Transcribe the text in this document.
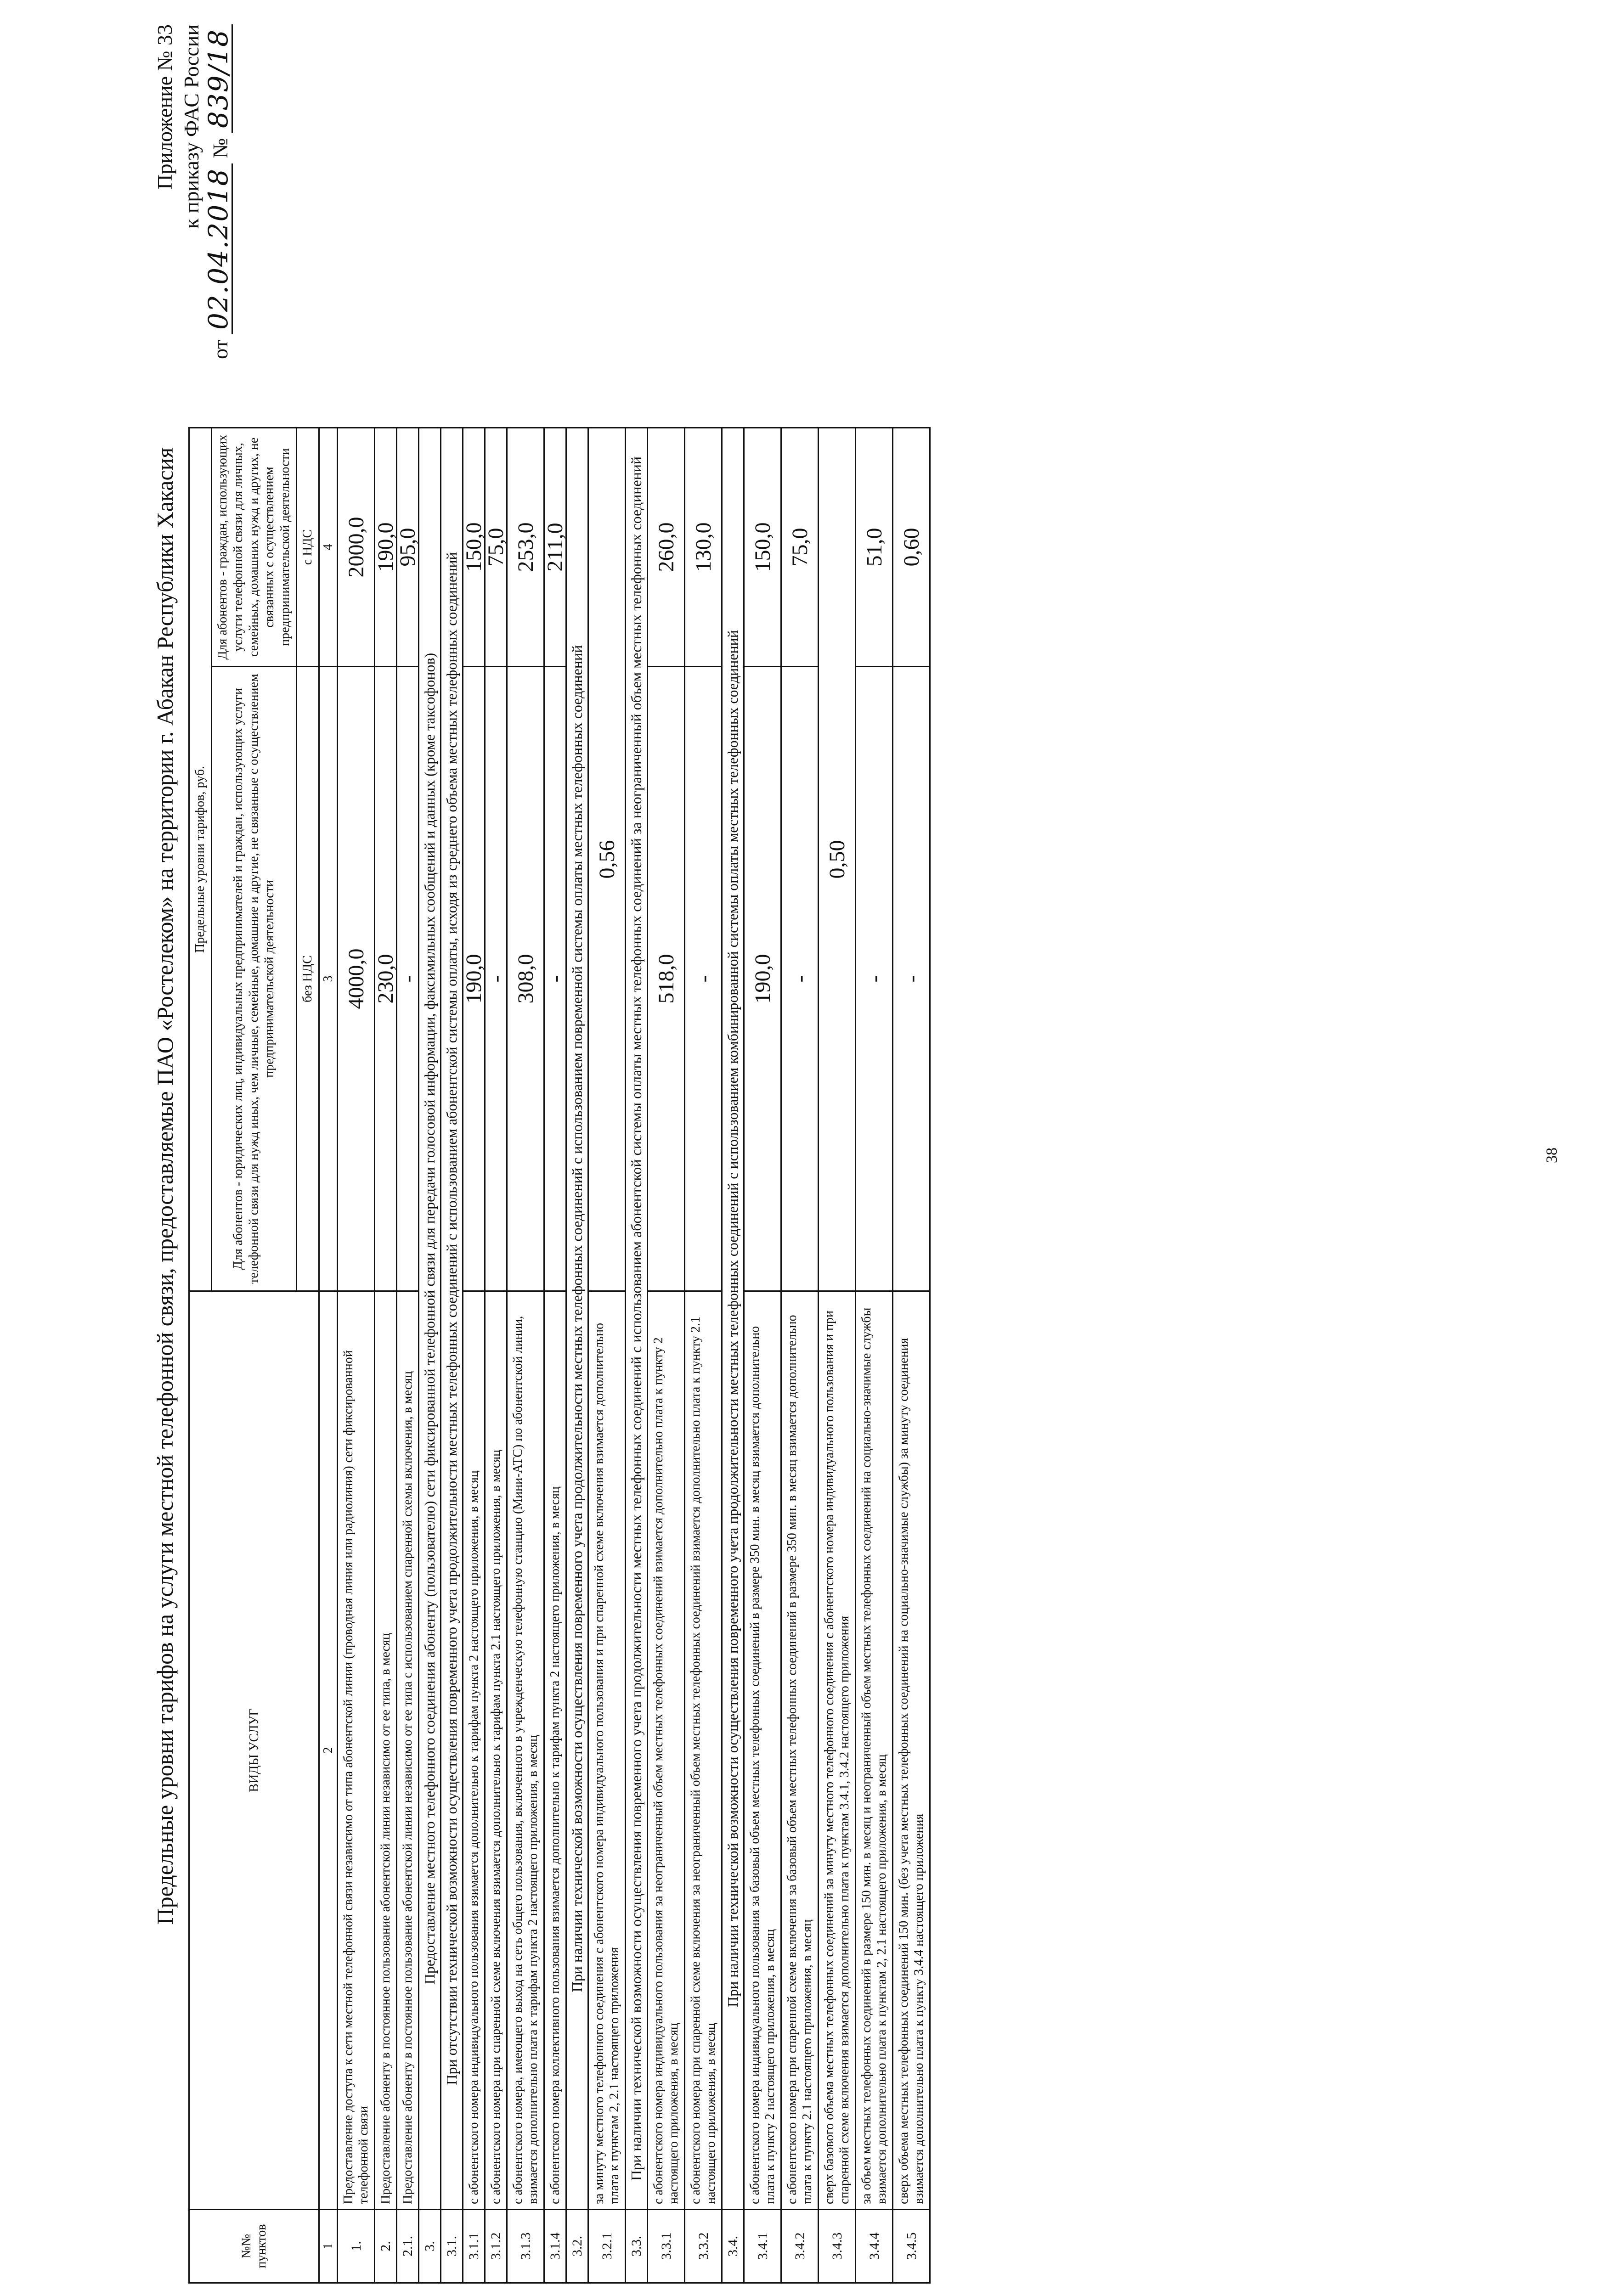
Приложение № 33 к приказу ФАС России
от 02.04.2018 № 839/18
Предельные уровни тарифов на услуги местной телефонной связи, предоставляемые ПАО «Ростелеком» на территории г. Абакан Республики Хакасия
№№ пунктов	ВИДЫ УСЛУГ	Предельные уровни тарифов, руб.	
		Для абонентов - юридических лиц, индивидуальных предпринимателей и граждан, использующих услуги телефонной связи для нужд иных, чем личные, семейные, домашние и другие, не связанные с осуществлением предпринимательской деятельности	Для абонентов - граждан, использующих услуги телефонной связи для личных, семейных, домашних нужд и других, не связанных с осуществлением предпринимательской деятельности
		без НДС	с НДС
1	2	3	4
1.	Предоставление доступа к сети местной телефонной связи независимо от типа абонентской линии (проводная линия или радиолиния) сети фиксированной телефонной связи	4000,0	2000,0
2.	Предоставление абоненту в постоянное пользование абонентской линии независимо от ее типа, в месяц	230,0	190,0
2.1.	Предоставление абоненту в постоянное пользование абонентской линии независимо от ее типа с использованием спаренной схемы включения, в месяц	-	95,0
3.	Предоставление местного телефонного соединения абоненту (пользователю) сети фиксированной телефонной связи для передачи голосовой информации, факсимильных сообщений и данных (кроме таксофонов)		
3.1.	При отсутствии технической возможности осуществления повременного учета продолжительности местных телефонных соединений с использованием абонентской системы оплаты, исходя из среднего объема местных телефонных соединений		
3.1.1	с абонентского номера индивидуального пользования взимается дополнительно к тарифам пункта 2 настоящего приложения, в месяц	190,0	150,0
3.1.2	с абонентского номера при спаренной схеме включения взимается дополнительно к тарифам пункта 2.1 настоящего приложения, в месяц	-	75,0
3.1.3	с абонентского номера, имеющего выход на сеть общего пользования, включенного в учрежденческую телефонную станцию (Мини-АТС) по абонентской линии, взимается дополнительно плата к тарифам пункта 2 настоящего приложения, в месяц	308,0	253,0
3.1.4	с абонентского номера коллективного пользования взимается дополнительно к тарифам пункта 2 настоящего приложения, в месяц	-	211,0
3.2.	При наличии технической возможности осуществления повременного учета продолжительности местных телефонных соединений с использованием повременной системы оплаты местных телефонных соединений		
3.2.1	за минуту местного телефонного соединения с абонентского номера индивидуального пользования и при спаренной схеме включения взимается дополнительно плата к пунктам 2, 2.1 настоящего приложения	0,56	
3.3.	При наличии технической возможности осуществления повременного учета продолжительности местных телефонных соединений с использованием абонентской системы оплаты местных телефонных соединений за неограниченный объем местных телефонных соединений		
3.3.1	с абонентского номера индивидуального пользования за неограниченный объем местных телефонных соединений взимается дополнительно плата к пункту 2 настоящего приложения, в месяц	518,0	260,0
3.3.2	с абонентского номера при спаренной схеме включения за неограниченный объем местных телефонных соединений взимается дополнительно плата к пункту 2.1 настоящего приложения, в месяц	-	130,0
3.4.	При наличии технической возможности осуществления повременного учета продолжительности местных телефонных соединений с использованием комбинированной системы оплаты местных телефонных соединений		
3.4.1	с абонентского номера индивидуального пользования за базовый объем местных телефонных соединений в размере 350 мин. в месяц взимается дополнительно плата к пункту 2 настоящего приложения, в месяц	190,0	150,0
3.4.2	с абонентского номера при спаренной схеме включения за базовый объем местных телефонных соединений в размере 350 мин. в месяц взимается дополнительно плата к пункту 2.1 настоящего приложения, в месяц	-	75,0
3.4.3	сверх базового объема местных телефонных соединений за минуту местного телефонного соединения с абонентского номера индивидуального пользования и при спаренной схеме включения взимается дополнительно плата к пунктам 3.4.1, 3.4.2 настоящего приложения	0,50	
3.4.4	за объем местных телефонных соединений в размере 150 мин. в месяц и неограниченный объем местных телефонных соединений на социально-значимые службы взимается дополнительно плата к пунктам 2, 2.1 настоящего приложения, в месяц	-	51,0
3.4.5	сверх объема местных телефонных соединений 150 мин. (без учета местных телефонных соединений на социально-значимые службы) за минуту соединения взимается дополнительно плата к пункту 3.4.4 настоящего приложения	-	0,60
38
